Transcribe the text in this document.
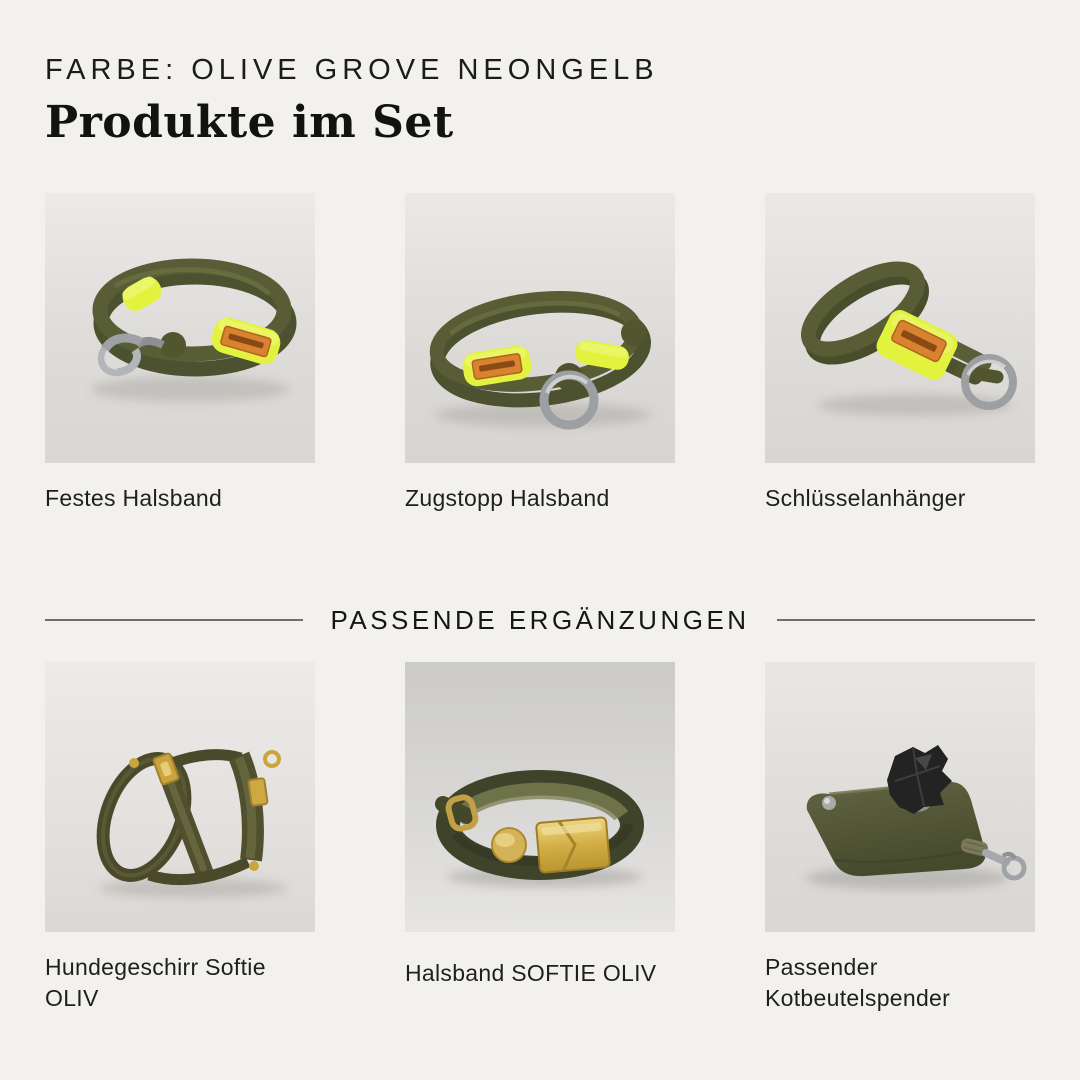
FARBE: OLIVE GROVE NEONGELB
Produkte im Set

Festes Halsband	Zugstopp Halsband	Schlüsselanhänger

PASSENDE ERGÄNZUNGEN

Hundegeschirr Softie OLIV

Halsband SOFTIE OLIV	Passender Kotbeutelspender
